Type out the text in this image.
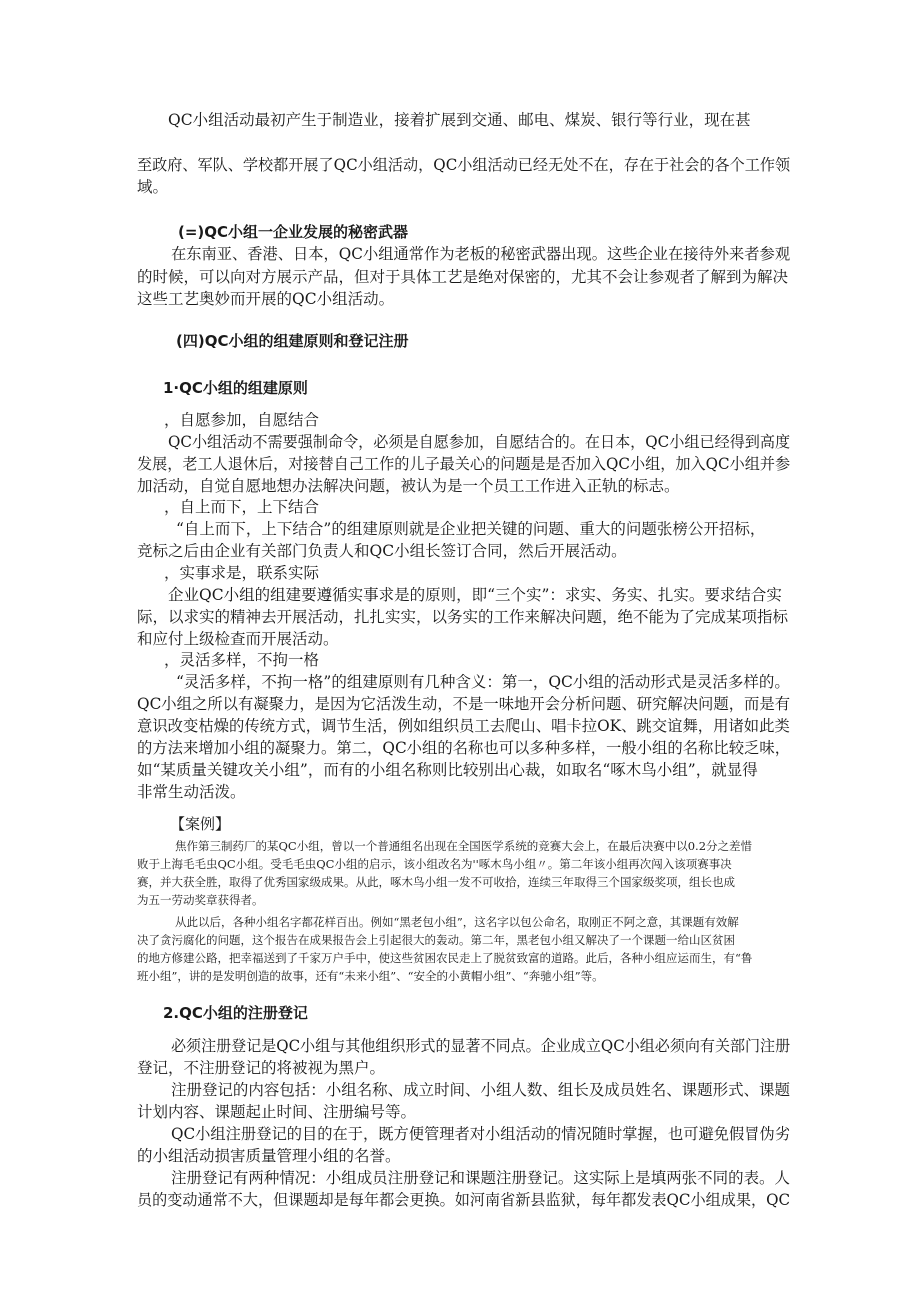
QC小组活动最初产生于制造业，接着扩展到交通、邮电、煤炭、银行等行业，现在甚
至政府、军队、学校都开展了QC小组活动，QC小组活动已经无处不在，存在于社会的各个工作领
域。
(=)QC小组一企业发展的秘密武器
在东南亚、香港、日本，QC小组通常作为老板的秘密武器出现。这些企业在接待外来者参观
的时候，可以向对方展示产品，但对于具体工艺是绝对保密的，尤其不会让参观者了解到为解决
这些工艺奥妙而开展的QC小组活动。
(四)QC小组的组建原则和登记注册
1·QC小组的组建原则
，自愿参加，自愿结合
QC小组活动不需要强制命令，必须是自愿参加，自愿结合的。在日本，QC小组已经得到高度
发展，老工人退休后，对接替自己工作的儿子最关心的问题是是否加入QC小组，加入QC小组并参
加活动，自觉自愿地想办法解决问题，被认为是一个员工工作进入正轨的标志。
，自上而下，上下结合
“自上而下，上下结合”的组建原则就是企业把关键的问题、重大的问题张榜公开招标，
竞标之后由企业有关部门负责人和QC小组长签订合同，然后开展活动。
，实事求是，联系实际
企业QC小组的组建要遵循实事求是的原则，即“三个实”：求实、务实、扎实。要求结合实
际，以求实的精神去开展活动，扎扎实实，以务实的工作来解决问题，绝不能为了完成某项指标
和应付上级检查而开展活动。
，灵活多样，不拘一格
“灵活多样，不拘一格”的组建原则有几种含义：第一，QC小组的活动形式是灵活多样的。
QC小组之所以有凝聚力，是因为它活泼生动，不是一味地开会分析问题、研究解决问题，而是有
意识改变枯燥的传统方式，调节生活，例如组织员工去爬山、唱卡拉OK、跳交谊舞，用诸如此类
的方法来增加小组的凝聚力。第二，QC小组的名称也可以多种多样，一般小组的名称比较乏味，
如“某质量关键攻关小组”，而有的小组名称则比较别出心裁，如取名“啄木鸟小组”，就显得
非常生动活泼。
【案例】
焦作第三制药厂的某QC小组，曾以一个普通组名出现在全国医学系统的竞赛大会上，在最后决赛中以0.2分之差惜
败于上海毛毛虫QC小组。受毛毛虫QC小组的启示，该小组改名为''啄木鸟小组〃。第二年该小组再次闯入该项赛事决
赛，并大获全胜，取得了优秀国家级成果。从此，啄木鸟小组一发不可收拾，连续三年取得三个国家级奖项，组长也成
为五一劳动奖章获得者。
从此以后，各种小组名字都花样百出。例如“黑老包小组”，这名字以包公命名，取刚正不阿之意，其课题有效解
决了贪污腐化的问题，这个报告在成果报告会上引起很大的轰动。第二年，黑老包小组又解决了一个课题一给山区贫困
的地方修建公路，把幸福送到了千家万户手中，使这些贫困农民走上了脱贫致富的道路。此后，各种小组应运而生，有“鲁
班小组”，讲的是发明创造的故事，还有“未来小组”、“安全的小黄帽小组”、“奔驰小组”等。
2.QC小组的注册登记
必须注册登记是QC小组与其他组织形式的显著不同点。企业成立QC小组必须向有关部门注册
登记，不注册登记的将被视为黑户。
注册登记的内容包括：小组名称、成立时间、小组人数、组长及成员姓名、课题形式、课题
计划内容、课题起止时间、注册编号等。
QC小组注册登记的目的在于，既方便管理者对小组活动的情况随时掌握，也可避免假冒伪劣
的小组活动损害质量管理小组的名誉。
注册登记有两种情况：小组成员注册登记和课题注册登记。这实际上是填两张不同的表。人
员的变动通常不大，但课题却是每年都会更换。如河南省新县监狱，每年都发表QC小组成果，QC
